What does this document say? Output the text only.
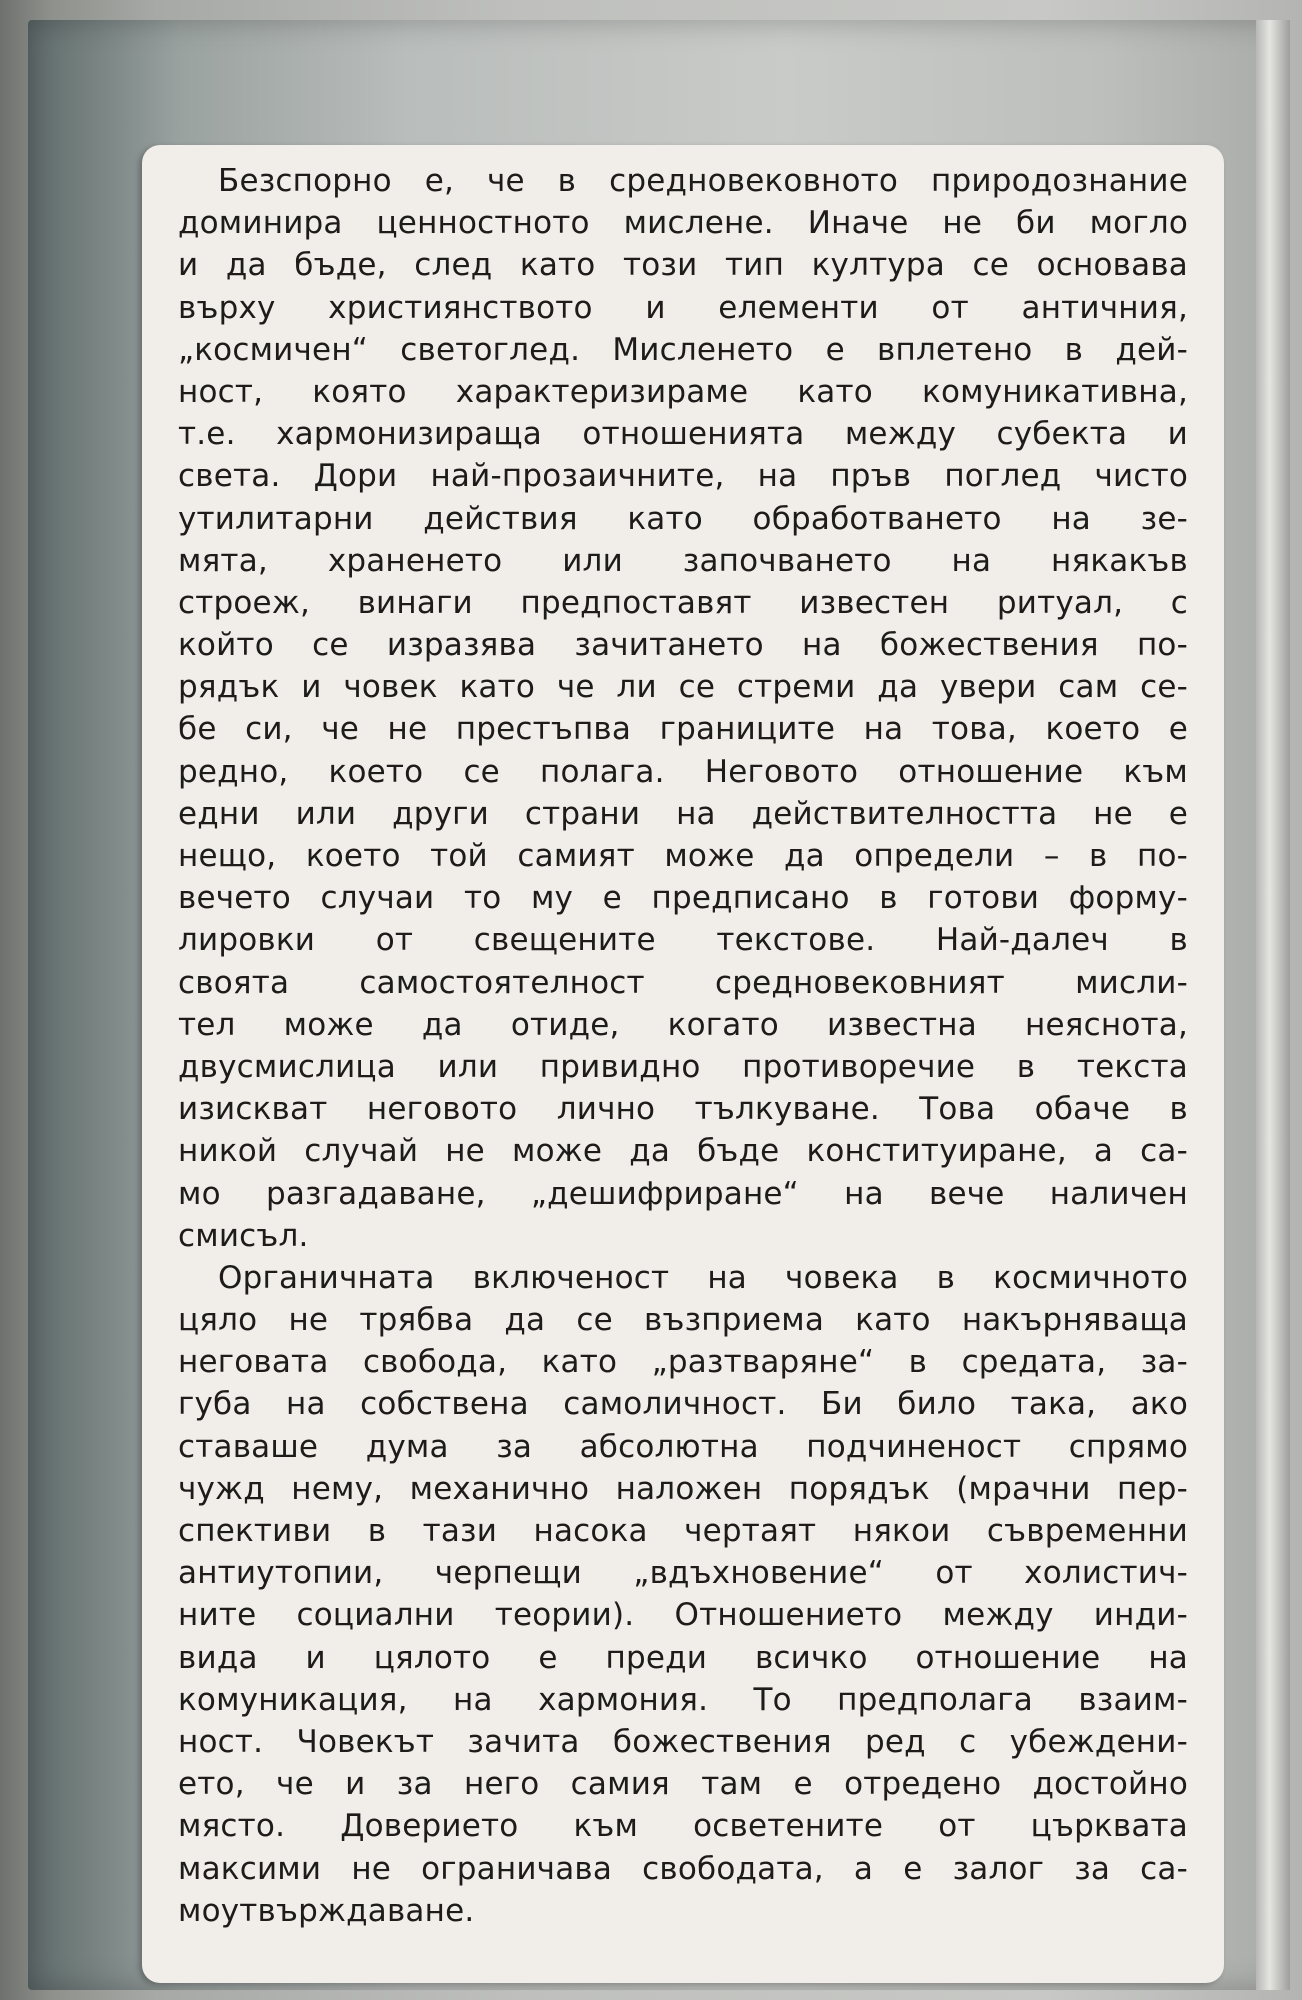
Безспорно е, че в средновековното природознание
доминира ценностното мислене. Иначе не би могло
и да бъде, след като този тип култура се основава
върху християнството и елементи от античния,
„космичен“ светоглед. Мисленето е вплетено в дей-
ност, която характеризираме като комуникативна,
т.е. хармонизираща отношенията между субекта и
света. Дори най-прозаичните, на пръв поглед чисто
утилитарни действия като обработването на зе-
мята, храненето или започването на някакъв
строеж, винаги предпоставят известен ритуал, с
който се изразява зачитането на божествения по-
рядък и човек като че ли се стреми да увери сам се-
бе си, че не престъпва границите на това, което е
редно, което се полага. Неговото отношение към
едни или други страни на действителността не е
нещо, което той самият може да определи – в по-
вечето случаи то му е предписано в готови форму-
лировки от свещените текстове. Най-далеч в
своята самостоятелност средновековният мисли-
тел може да отиде, когато известна неяснота,
двусмислица или привидно противоречие в текста
изискват неговото лично тълкуване. Това обаче в
никой случай не може да бъде конституиране, а са-
мо разгадаване, „дешифриране“ на вече наличен
смисъл.
Органичната включеност на човека в космичното
цяло не трябва да се възприема като накърняваща
неговата свобода, като „разтваряне“ в средата, за-
губа на собствена самоличност. Би било така, ако
ставаше дума за абсолютна подчиненост спрямо
чужд нему, механично наложен порядък (мрачни пер-
спективи в тази насока чертаят някои съвременни
антиутопии, черпещи „вдъхновение“ от холистич-
ните социални теории). Отношението между инди-
вида и цялото е преди всичко отношение на
комуникация, на хармония. То предполага взаим-
ност. Човекът зачита божествения ред с убеждени-
ето, че и за него самия там е отредено достойно
място. Доверието към осветените от църквата
максими не ограничава свободата, а е залог за са-
моутвърждаване.
